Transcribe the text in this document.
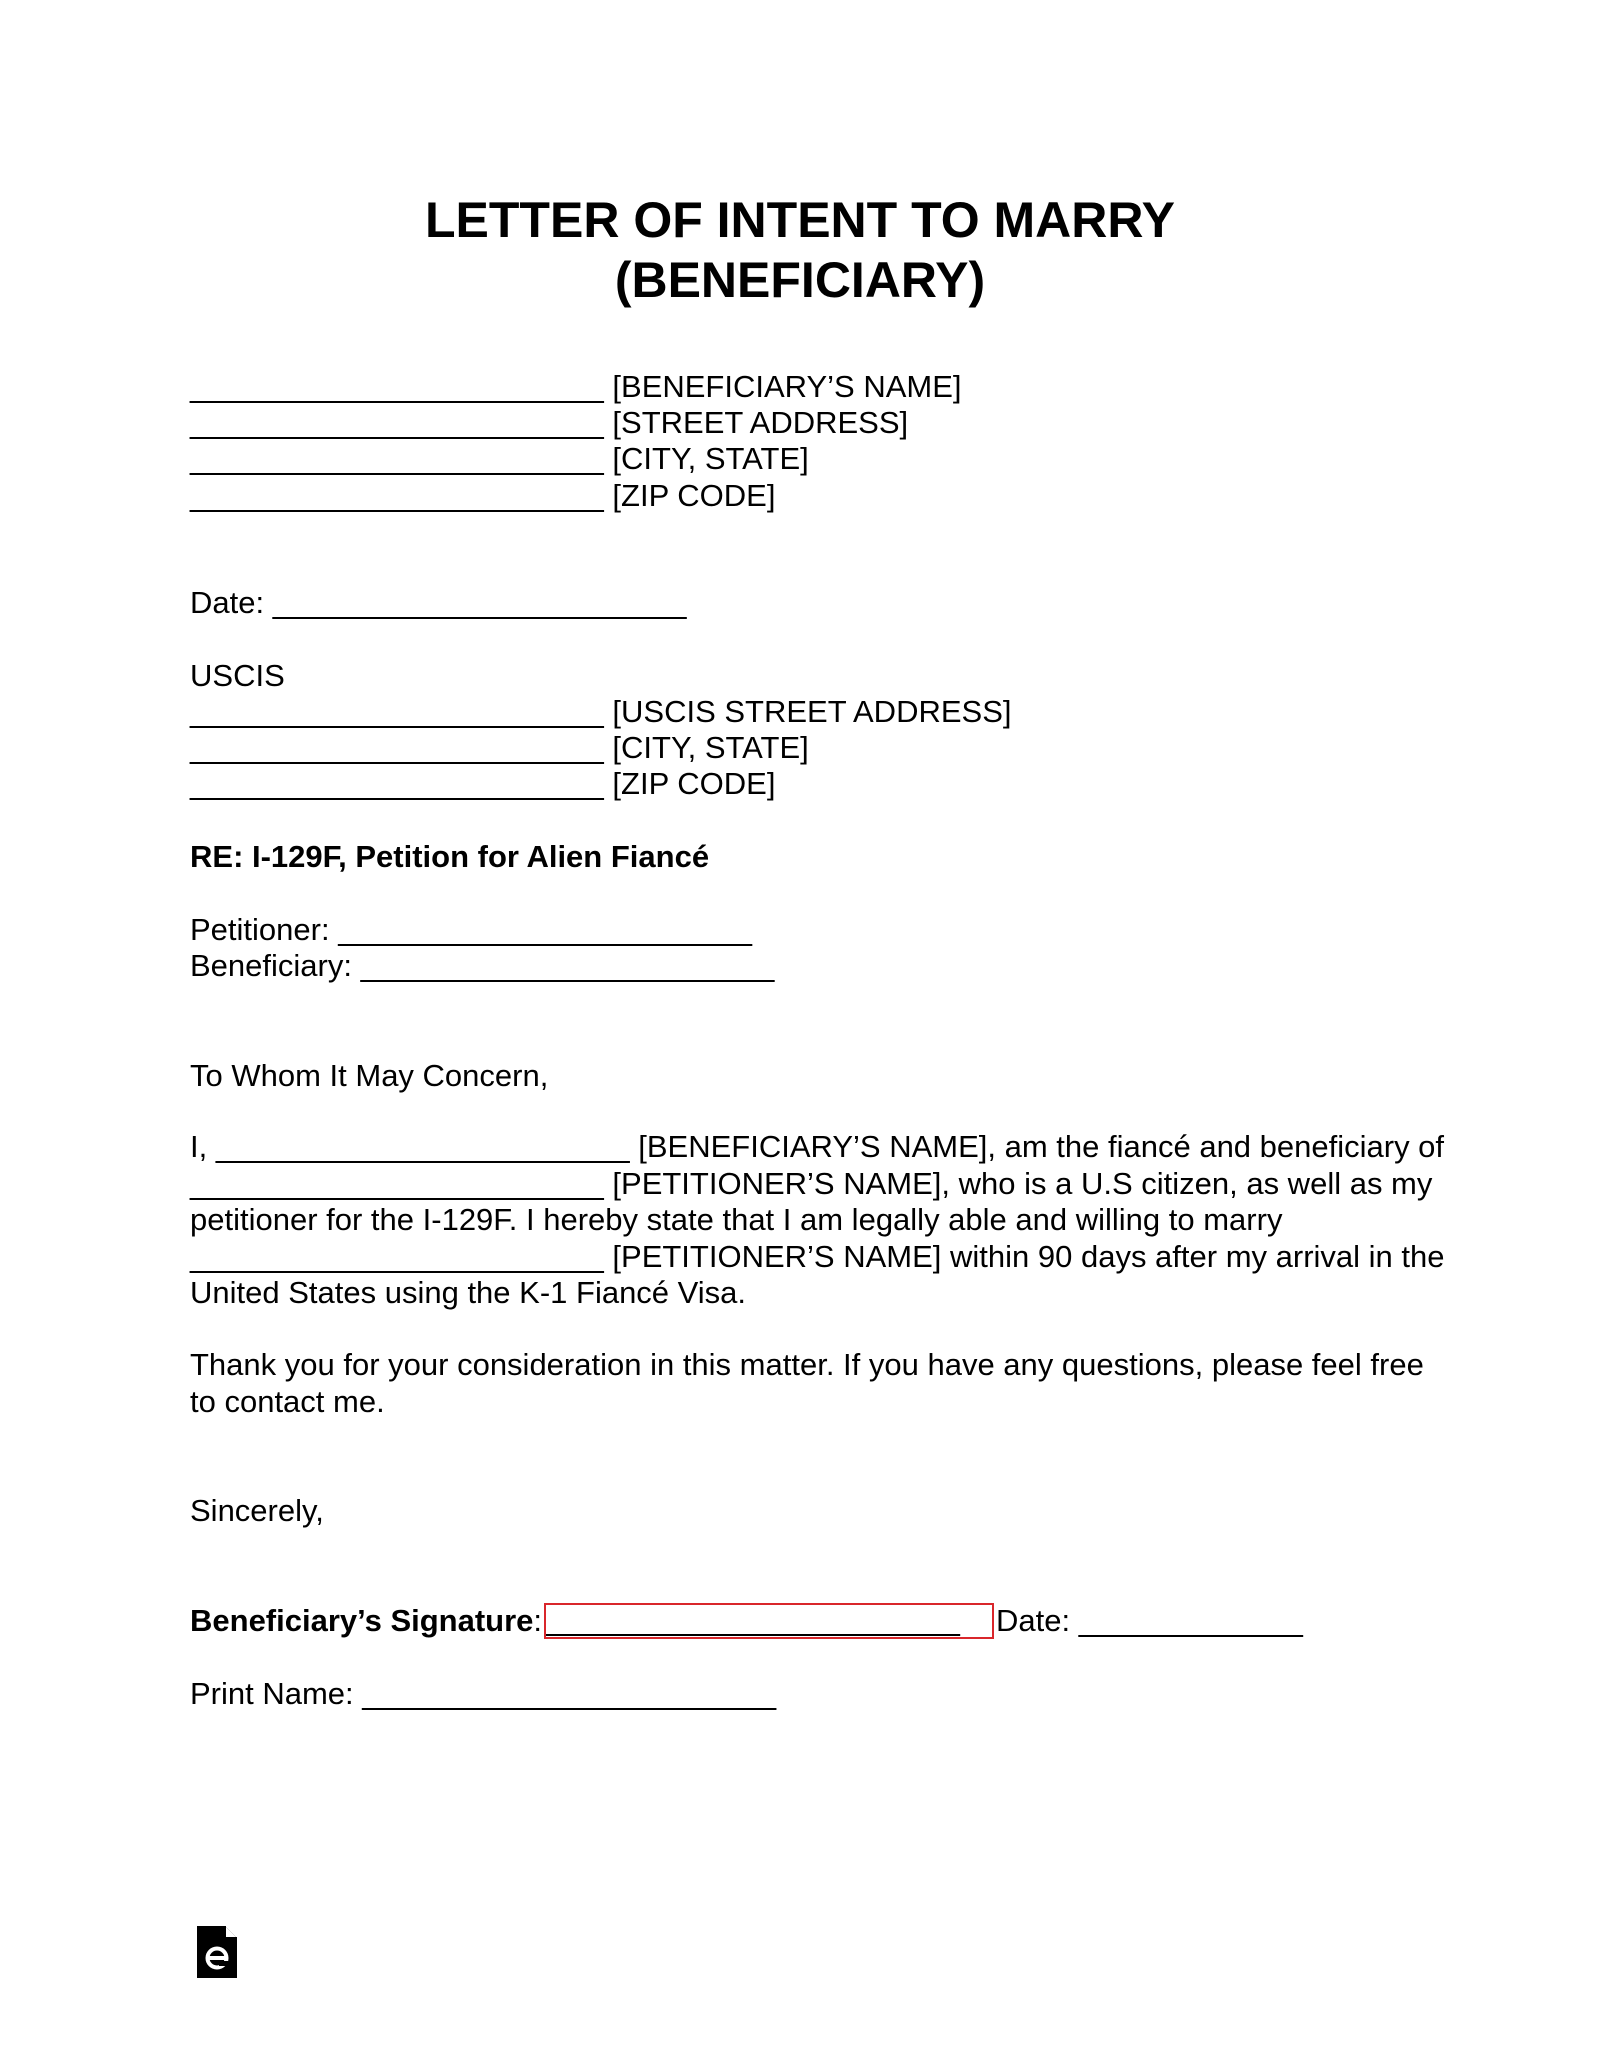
LETTER OF INTENT TO MARRY
(BENEFICIARY)
________________________ [BENEFICIARY’S NAME]
________________________ [STREET ADDRESS]
________________________ [CITY, STATE]
________________________ [ZIP CODE]
Date: ________________________
USCIS
________________________ [USCIS STREET ADDRESS]
________________________ [CITY, STATE]
________________________ [ZIP CODE]
RE: I-129F, Petition for Alien Fiancé
Petitioner: ________________________
Beneficiary: ________________________
To Whom It May Concern,
I, ________________________ [BENEFICIARY’S NAME], am the fiancé and beneficiary of ________________________ [PETITIONER’S NAME], who is a U.S citizen, as well as my petitioner for the I-129F. I hereby state that I am legally able and willing to marry ________________________ [PETITIONER’S NAME] within 90 days after my arrival in the United States using the K-1 Fiancé Visa.
Thank you for your consideration in this matter. If you have any questions, please feel free to contact me.
Sincerely,
Beneficiary’s Signature: ________________________ Date: _____________
Print Name: ________________________
